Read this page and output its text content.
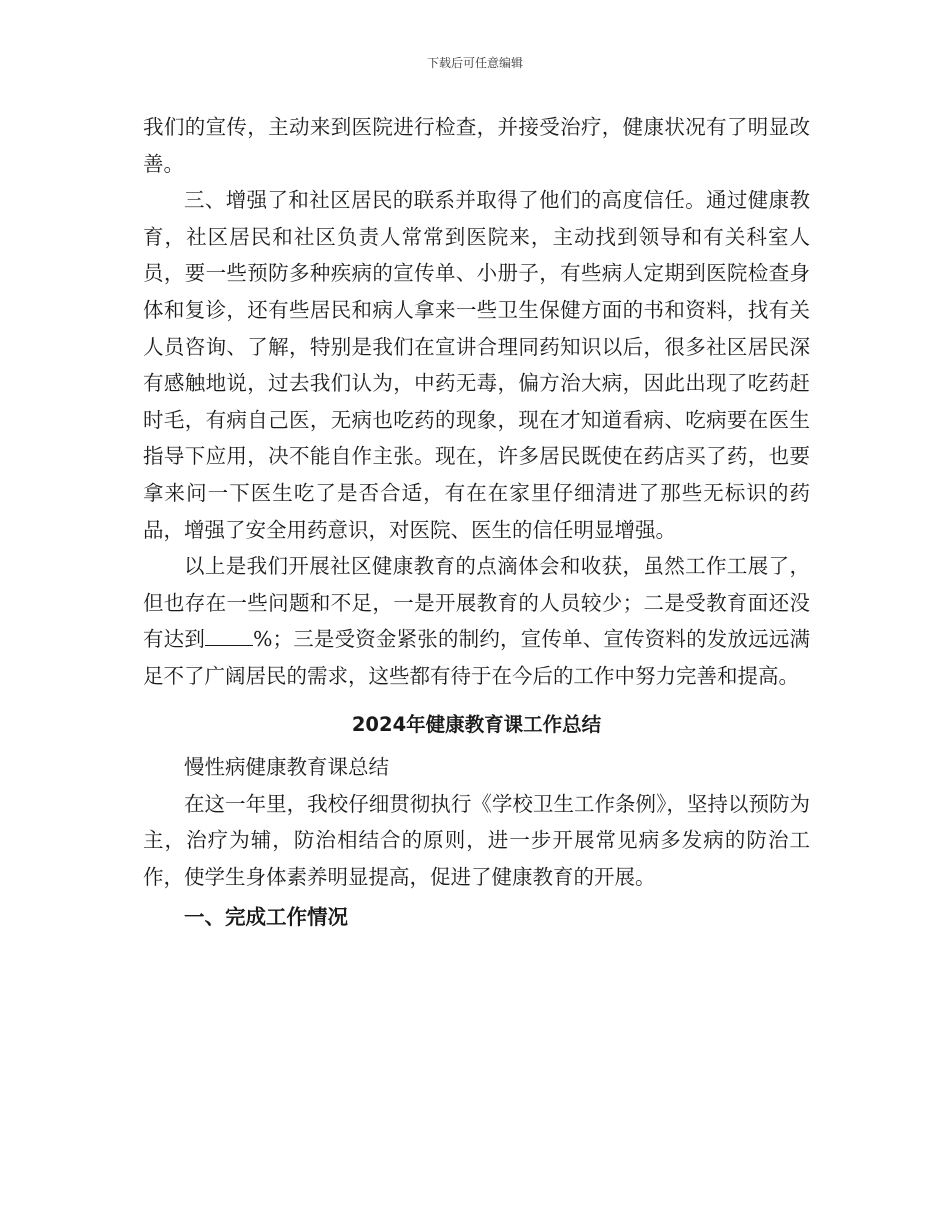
下载后可任意编辑

我们的宣传，主动来到医院进行检查，并接受治疗，健康状况有了明显改善。

三、增强了和社区居民的联系并取得了他们的高度信任。通过健康教育，社区居民和社区负责人常常到医院来，主动找到领导和有关科室人员，要一些预防多种疾病的宣传单、小册子，有些病人定期到医院检查身体和复诊，还有些居民和病人拿来一些卫生保健方面的书和资料，找有关人员咨询、了解，特别是我们在宣讲合理同药知识以后，很多社区居民深有感触地说，过去我们认为，中药无毒，偏方治大病，因此出现了吃药赶时毛，有病自己医，无病也吃药的现象，现在才知道看病、吃病要在医生指导下应用，决不能自作主张。现在，许多居民既使在药店买了药，也要拿来问一下医生吃了是否合适，有在在家里仔细清进了那些无标识的药品，增强了安全用药意识，对医院、医生的信任明显增强。

以上是我们开展社区健康教育的点滴体会和收获，虽然工作工展了，但也存在一些问题和不足，一是开展教育的人员较少；二是受教育面还没有达到 %；三是受资金紧张的制约，宣传单、宣传资料的发放远远满足不了广阔居民的需求，这些都有待于在今后的工作中努力完善和提高。

2024年健康教育课工作总结

慢性病健康教育课总结

在这一年里，我校仔细贯彻执行《学校卫生工作条例》，坚持以预防为主，治疗为辅，防治相结合的原则，进一步开展常见病多发病的防治工作，使学生身体素养明显提高，促进了健康教育的开展。

一、完成工作情况
